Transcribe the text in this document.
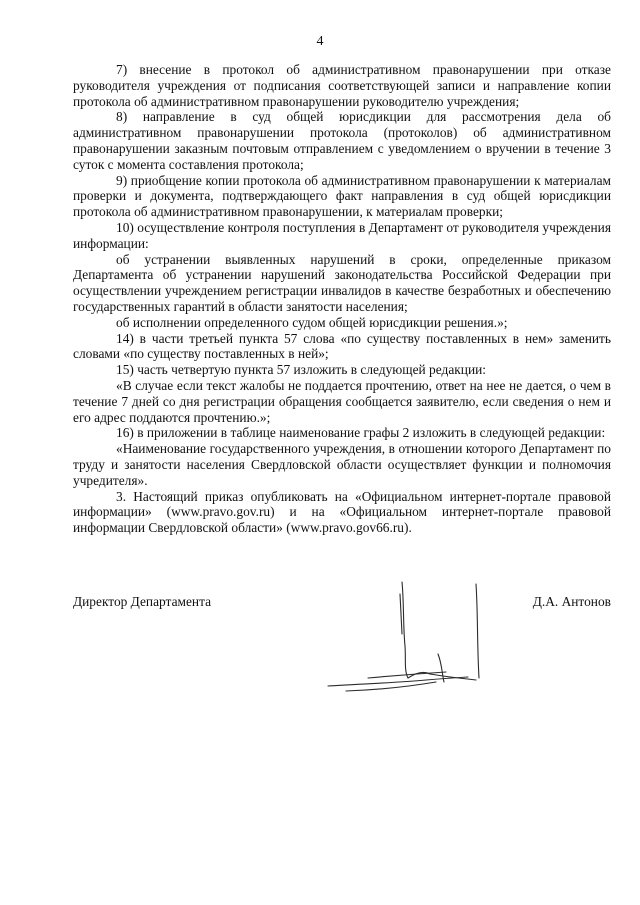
4

7) внесение в протокол об административном правонарушении при отказе руководителя учреждения от подписания соответствующей записи и направление копии протокола об административном правонарушении руководителю учреждения;

8) направление в суд общей юрисдикции для рассмотрения дела об административном правонарушении протокола (протоколов) об административном правонарушении заказным почтовым отправлением с уведомлением о вручении в течение 3 суток с момента составления протокола;

9) приобщение копии протокола об административном правонарушении к материалам проверки и документа, подтверждающего факт направления в суд общей юрисдикции протокола об административном правонарушении, к материалам проверки;

10) осуществление контроля поступления в Департамент от руководителя учреждения информации:

об устранении выявленных нарушений в сроки, определенные приказом Департамента об устранении нарушений законодательства Российской Федерации при осуществлении учреждением регистрации инвалидов в качестве безработных и обеспечению государственных гарантий в области занятости населения;

об исполнении определенного судом общей юрисдикции решения.»;

14) в части третьей пункта 57 слова «по существу поставленных в нем» заменить словами «по существу поставленных в ней»;

15) часть четвертую пункта 57 изложить в следующей редакции:

«В случае если текст жалобы не поддается прочтению, ответ на нее не дается, о чем в течение 7 дней со дня регистрации обращения сообщается заявителю, если сведения о нем и его адрес поддаются прочтению.»;

16) в приложении в таблице наименование графы 2 изложить в следующей редакции:

«Наименование государственного учреждения, в отношении которого Департамент по труду и занятости населения Свердловской области осуществляет функции и полномочия учредителя».

3. Настоящий приказ опубликовать на «Официальном интернет-портале правовой информации» (www.pravo.gov.ru) и на «Официальном интернет-портале правовой информации Свердловской области» (www.pravo.gov66.ru).

Директор Департамента	Д.А. Антонов
